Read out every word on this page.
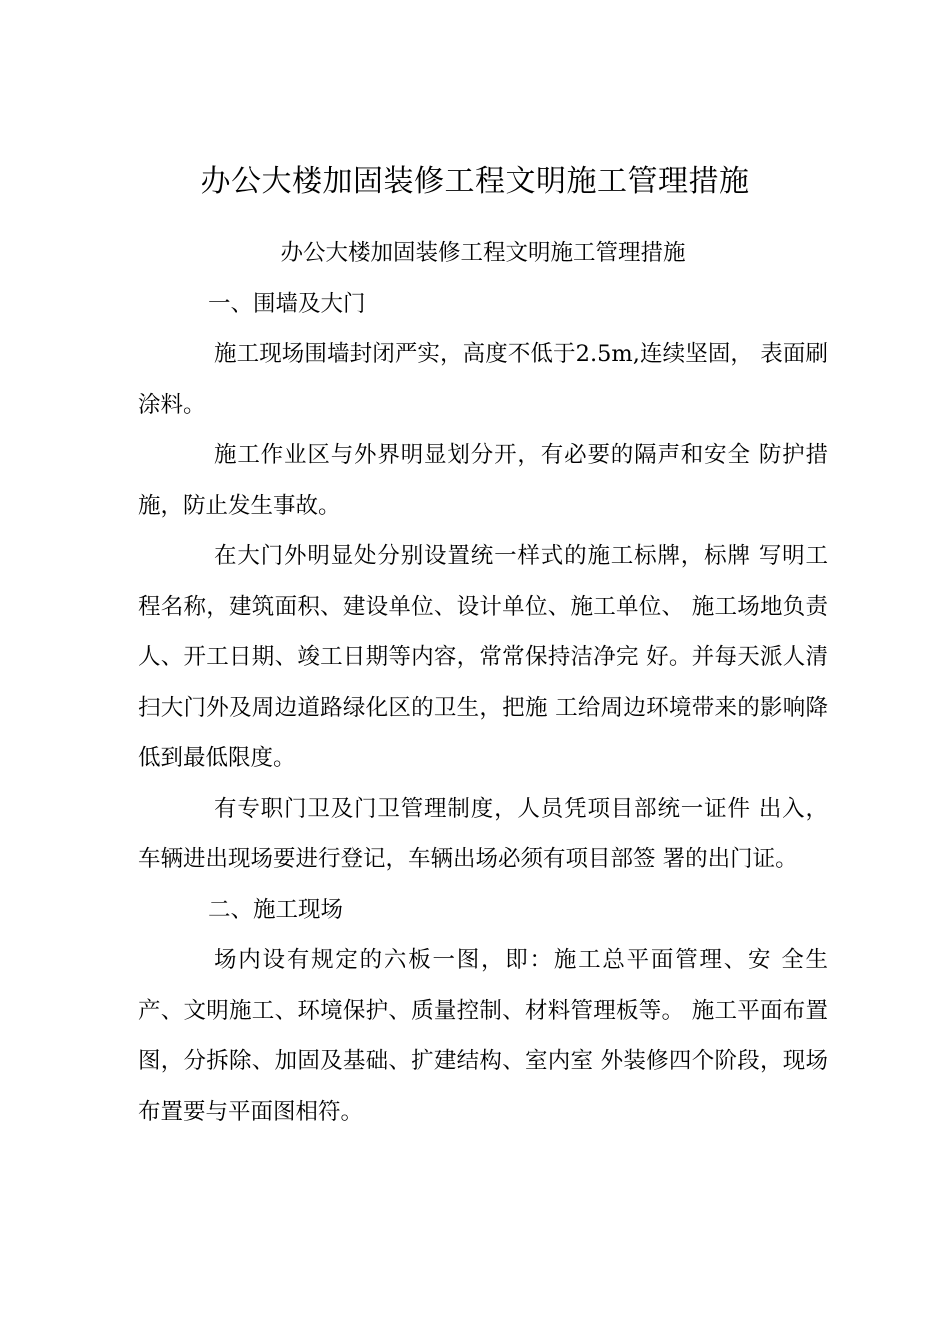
办公大楼加固装修工程文明施工管理措施

办公大楼加固装修工程文明施工管理措施

一、围墙及大门

施工现场围墙封闭严实，高度不低于2.5m,连续坚固， 表面刷涂料。

施工作业区与外界明显划分开，有必要的隔声和安全 防护措施，防止发生事故。

在大门外明显处分别设置统一样式的施工标牌，标牌 写明工程名称，建筑面积、建设单位、设计单位、施工单位、 施工场地负责人、开工日期、竣工日期等内容，常常保持洁净完 好。并每天派人清扫大门外及周边道路绿化区的卫生，把施 工给周边环境带来的影响降低到最低限度。

有专职门卫及门卫管理制度，人员凭项目部统一证件 出入，车辆进出现场要进行登记，车辆出场必须有项目部签 署的出门证。

二、施工现场

场内设有规定的六板一图，即：施工总平面管理、安 全生产、文明施工、环境保护、质量控制、材料管理板等。 施工平面布置图，分拆除、加固及基础、扩建结构、室内室 外装修四个阶段，现场布置要与平面图相符。
